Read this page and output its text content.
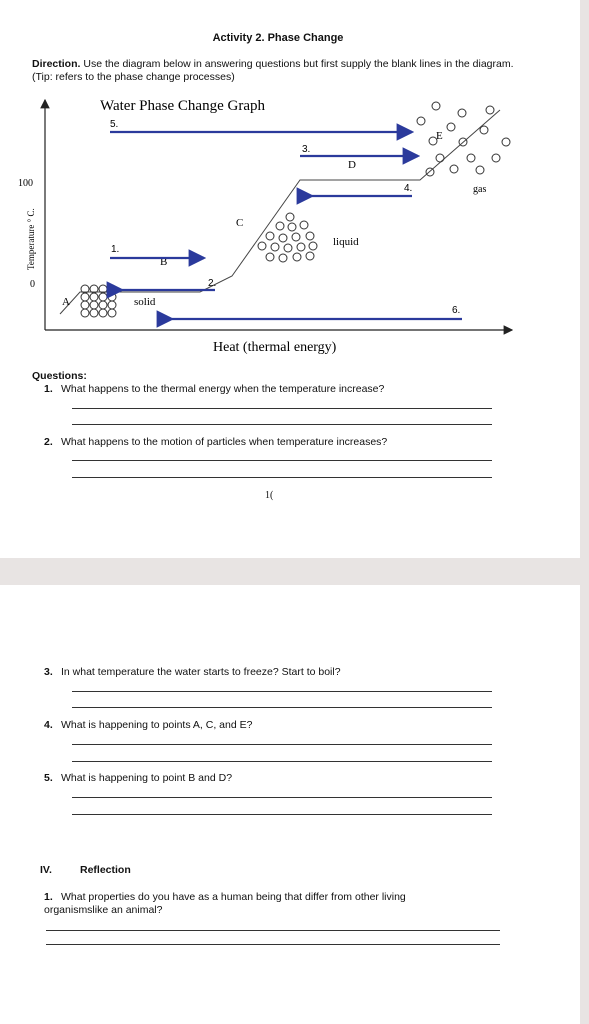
Activity 2. Phase Change
Direction. Use the diagram below in answering questions but first supply the blank lines in the diagram. (Tip: refers to the phase change processes)
Water Phase Change Graph
100
0
Temperature ° C.
Heat (thermal energy)
A
B
C
D
E
solid
liquid
gas
5.
3.
4.
1.
2.
6.
Questions:
1. What happens to the thermal energy when the temperature increase?
2. What happens to the motion of particles when temperature increases?
1(
3. In what temperature the water starts to freeze? Start to boil?
4. What is happening to points A, C, and E?
5. What is happening to point B and D?
IV.	Reflection
1. What properties do you have as a human being that differ from other living organismslike an animal?
